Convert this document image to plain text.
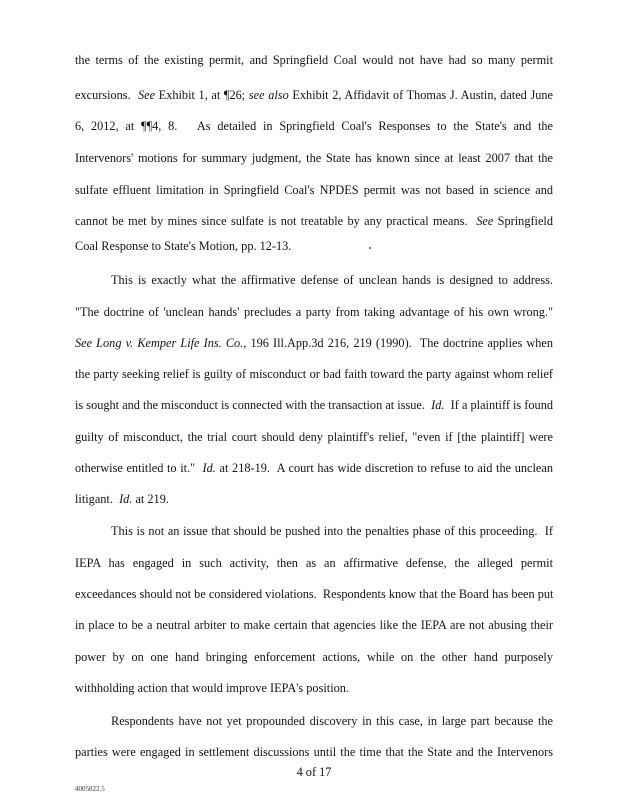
the terms of the existing permit, and Springfield Coal would not have had so many permit
excursions. See Exhibit 1, at ¶26; see also Exhibit 2, Affidavit of Thomas J. Austin, dated June
6, 2012, at ¶¶4, 8.   As detailed in Springfield Coal's Responses to the State's and the
Intervenors' motions for summary judgment, the State has known since at least 2007 that the
sulfate effluent limitation in Springfield Coal's NPDES permit was not based in science and
cannot be met by mines since sulfate is not treatable by any practical means.  See Springfield
Coal Response to State's Motion, pp. 12-13.
This is exactly what the affirmative defense of unclean hands is designed to address.
"The doctrine of 'unclean hands' precludes a party from taking advantage of his own wrong."
See Long v. Kemper Life Ins. Co., 196 Ill.App.3d 216, 219 (1990).  The doctrine applies when
the party seeking relief is guilty of misconduct or bad faith toward the party against whom relief
is sought and the misconduct is connected with the transaction at issue.  Id.  If a plaintiff is found
guilty of misconduct, the trial court should deny plaintiff's relief, "even if [the plaintiff] were
otherwise entitled to it."  Id. at 218-19.  A court has wide discretion to refuse to aid the unclean
litigant.  Id. at 219.
This is not an issue that should be pushed into the penalties phase of this proceeding.  If
IEPA has engaged in such activity, then as an affirmative defense, the alleged permit
exceedances should not be considered violations.  Respondents know that the Board has been put
in place to be a neutral arbiter to make certain that agencies like the IEPA are not abusing their
power by on one hand bringing enforcement actions, while on the other hand purposely
withholding action that would improve IEPA's position.
Respondents have not yet propounded discovery in this case, in large part because the
parties were engaged in settlement discussions until the time that the State and the Intervenors
4 of 17
4005822.5
